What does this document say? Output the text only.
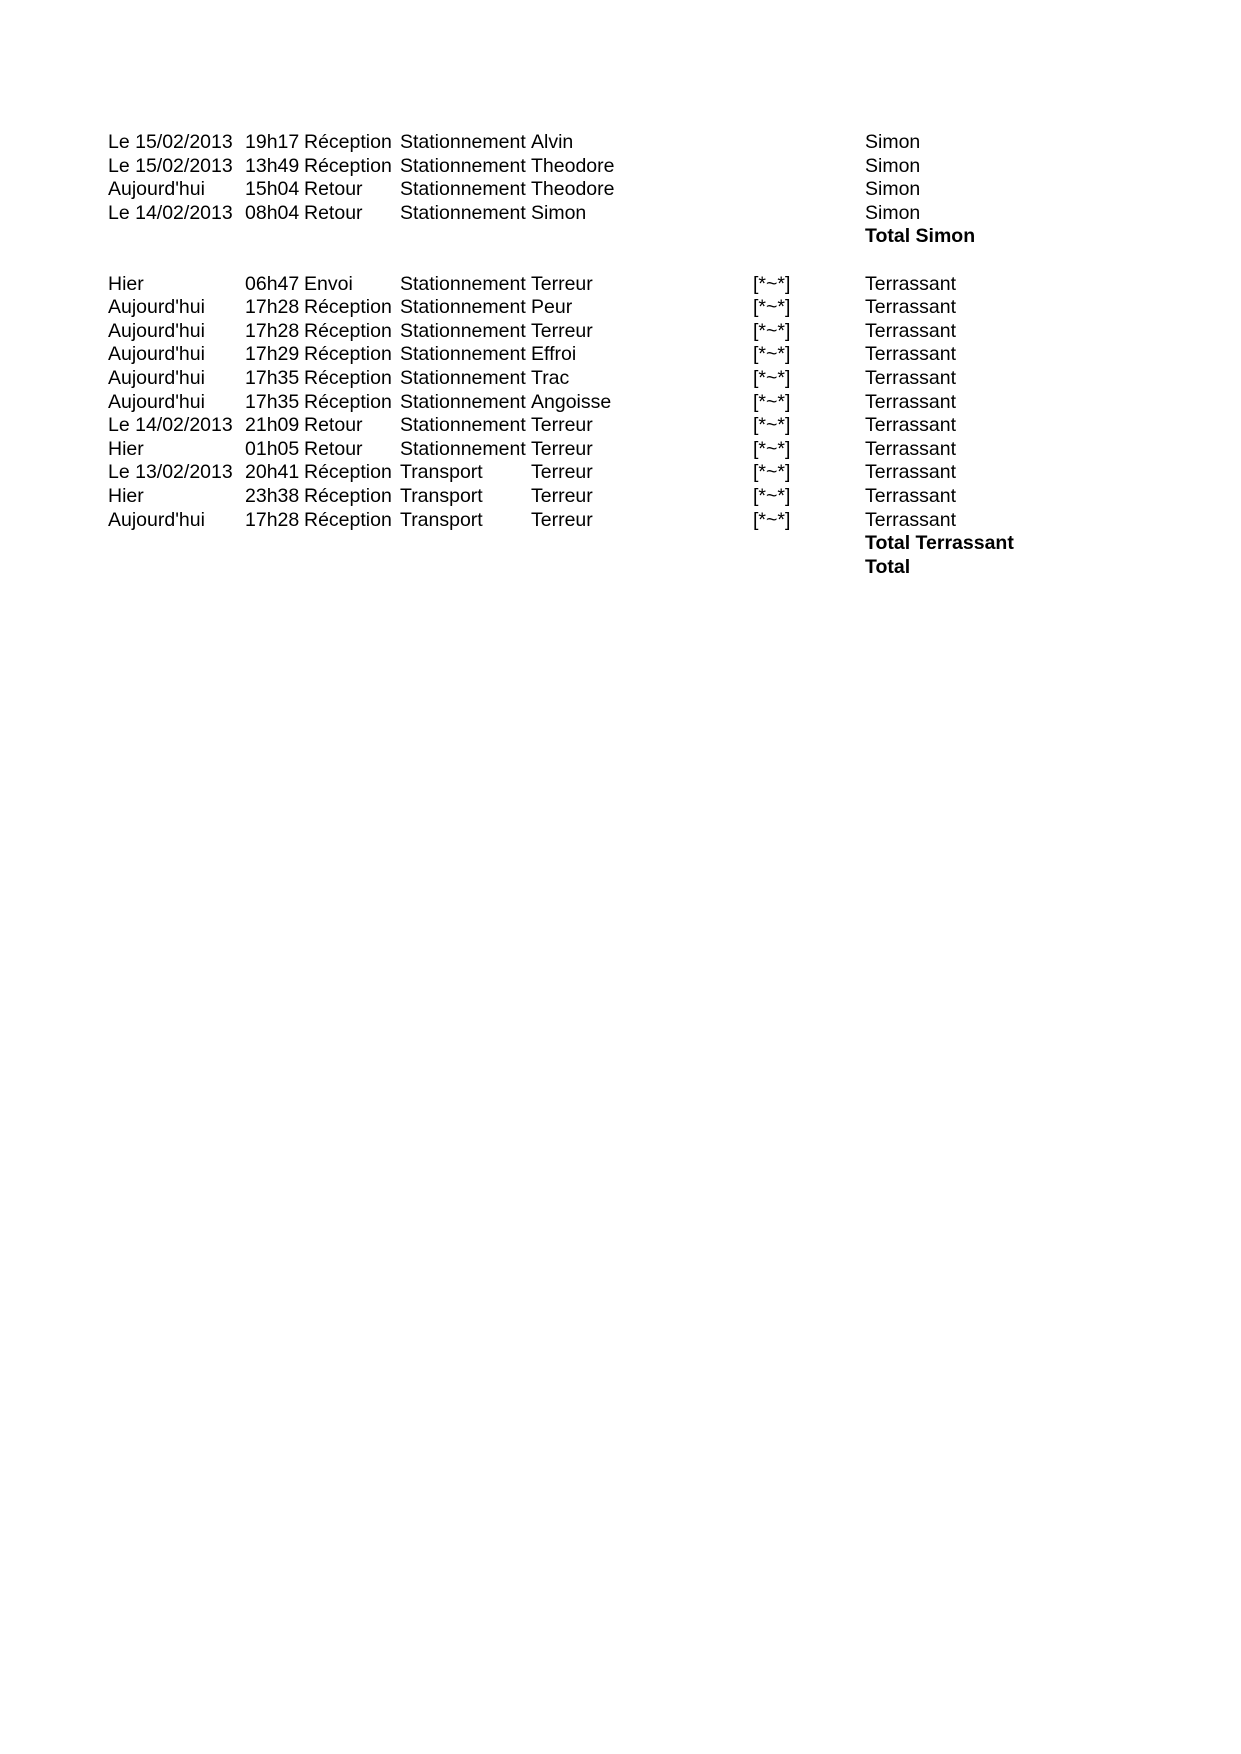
Le 15/02/2013	19h17	Réception	Stationnement	Alvin		Simon
Le 15/02/2013	13h49	Réception	Stationnement	Theodore		Simon
Aujourd'hui	15h04	Retour	Stationnement	Theodore		Simon
Le 14/02/2013	08h04	Retour	Stationnement	Simon		Simon
						Total Simon

Hier	06h47	Envoi	Stationnement	Terreur	[*~*]	Terrassant
Aujourd'hui	17h28	Réception	Stationnement	Peur	[*~*]	Terrassant
Aujourd'hui	17h28	Réception	Stationnement	Terreur	[*~*]	Terrassant
Aujourd'hui	17h29	Réception	Stationnement	Effroi	[*~*]	Terrassant
Aujourd'hui	17h35	Réception	Stationnement	Trac	[*~*]	Terrassant
Aujourd'hui	17h35	Réception	Stationnement	Angoisse	[*~*]	Terrassant
Le 14/02/2013	21h09	Retour	Stationnement	Terreur	[*~*]	Terrassant
Hier	01h05	Retour	Stationnement	Terreur	[*~*]	Terrassant
Le 13/02/2013	20h41	Réception	Transport	Terreur	[*~*]	Terrassant
Hier	23h38	Réception	Transport	Terreur	[*~*]	Terrassant
Aujourd'hui	17h28	Réception	Transport	Terreur	[*~*]	Terrassant
						Total Terrassant
						Total
